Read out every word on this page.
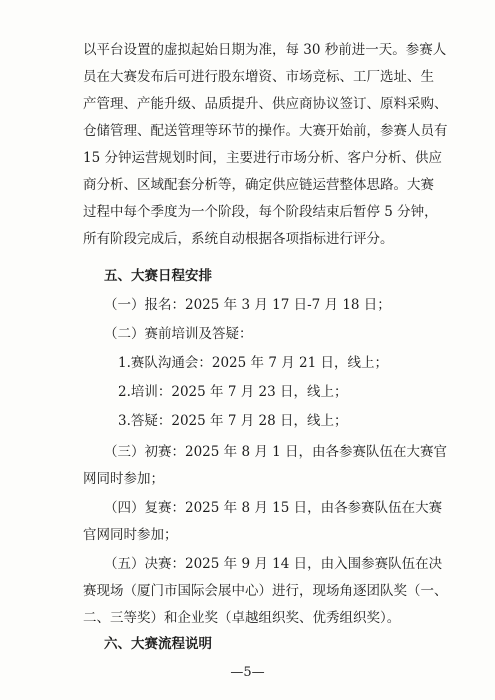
以平台设置的虚拟起始日期为准，每 30 秒前进一天。参赛人
员在大赛发布后可进行股东增资、市场竞标、工厂选址、生
产管理、产能升级、品质提升、供应商协议签订、原料采购、
仓储管理、配送管理等环节的操作。大赛开始前，参赛人员有
15 分钟运营规划时间，主要进行市场分析、客户分析、供应
商分析、区域配套分析等，确定供应链运营整体思路。大赛
过程中每个季度为一个阶段，每个阶段结束后暂停 5 分钟，
所有阶段完成后，系统自动根据各项指标进行评分。
五、大赛日程安排
（一）报名：2025 年 3 月 17 日-7 月 18 日；
（二）赛前培训及答疑：
1.赛队沟通会：2025 年 7 月 21 日，线上；
2.培训：2025 年 7 月 23 日，线上；
3.答疑：2025 年 7 月 28 日，线上；
（三）初赛：2025 年 8 月 1 日，由各参赛队伍在大赛官
网同时参加；
（四）复赛：2025 年 8 月 15 日，由各参赛队伍在大赛
官网同时参加；
（五）决赛：2025 年 9 月 14 日，由入围参赛队伍在决
赛现场（厦门市国际会展中心）进行，现场角逐团队奖（一、
二、三等奖）和企业奖（卓越组织奖、优秀组织奖）。
六、大赛流程说明
—5—
